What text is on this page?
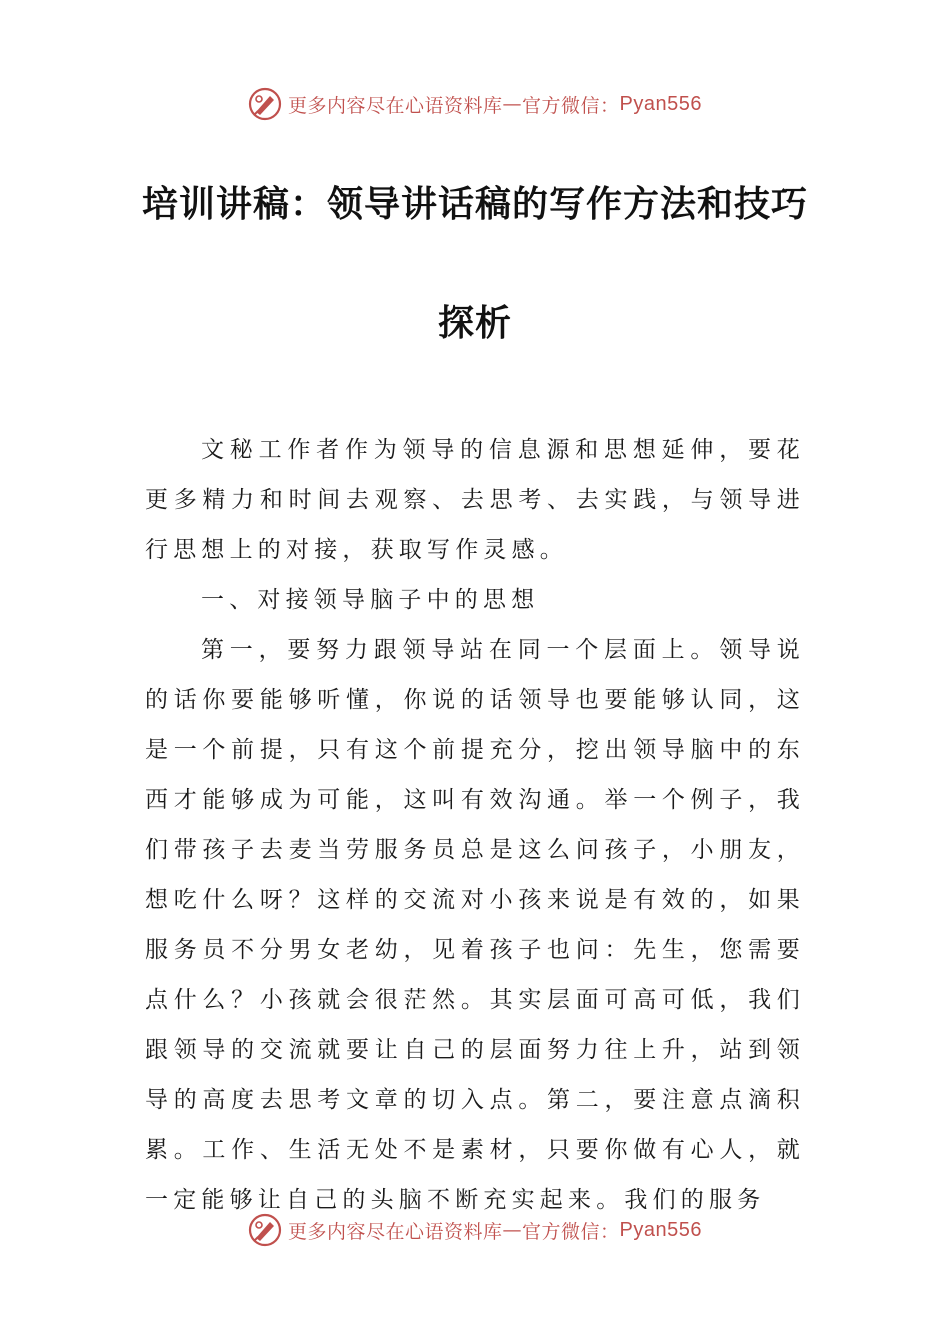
更多内容尽在心语资料库 — 官方微信： Pyan556
培训讲稿：领导讲话稿的写作方法和技巧
探析

文秘工作者作为领导的信息源和思想延伸，要花更多精力和时间去观察、去思考、去实践，与领导进行思想上的对接，获取写作灵感。

一、对接领导脑子中的思想

第一，要努力跟领导站在同一个层面上。领导说的话你要能够听懂，你说的话领导也要能够认同，这是一个前提，只有这个前提充分，挖出领导脑中的东西才能够成为可能，这叫有效沟通。举一个例子，我们带孩子去麦当劳服务员总是这么问孩子，小朋友，想吃什么呀？这样的交流对小孩来说是有效的，如果服务员不分男女老幼，见着孩子也问：先生，您需要点什么？小孩就会很茫然。其实层面可高可低，我们跟领导的交流就要让自己的层面努力往上升，站到领导的高度去思考文章的切入点。第二，要注意点滴积累。工作、生活无处不是素材，只要你做有心人，就一定能够让自己的头脑不断充实起来。我们的服务

更多内容尽在心语资料库 — 官方微信： Pyan556
